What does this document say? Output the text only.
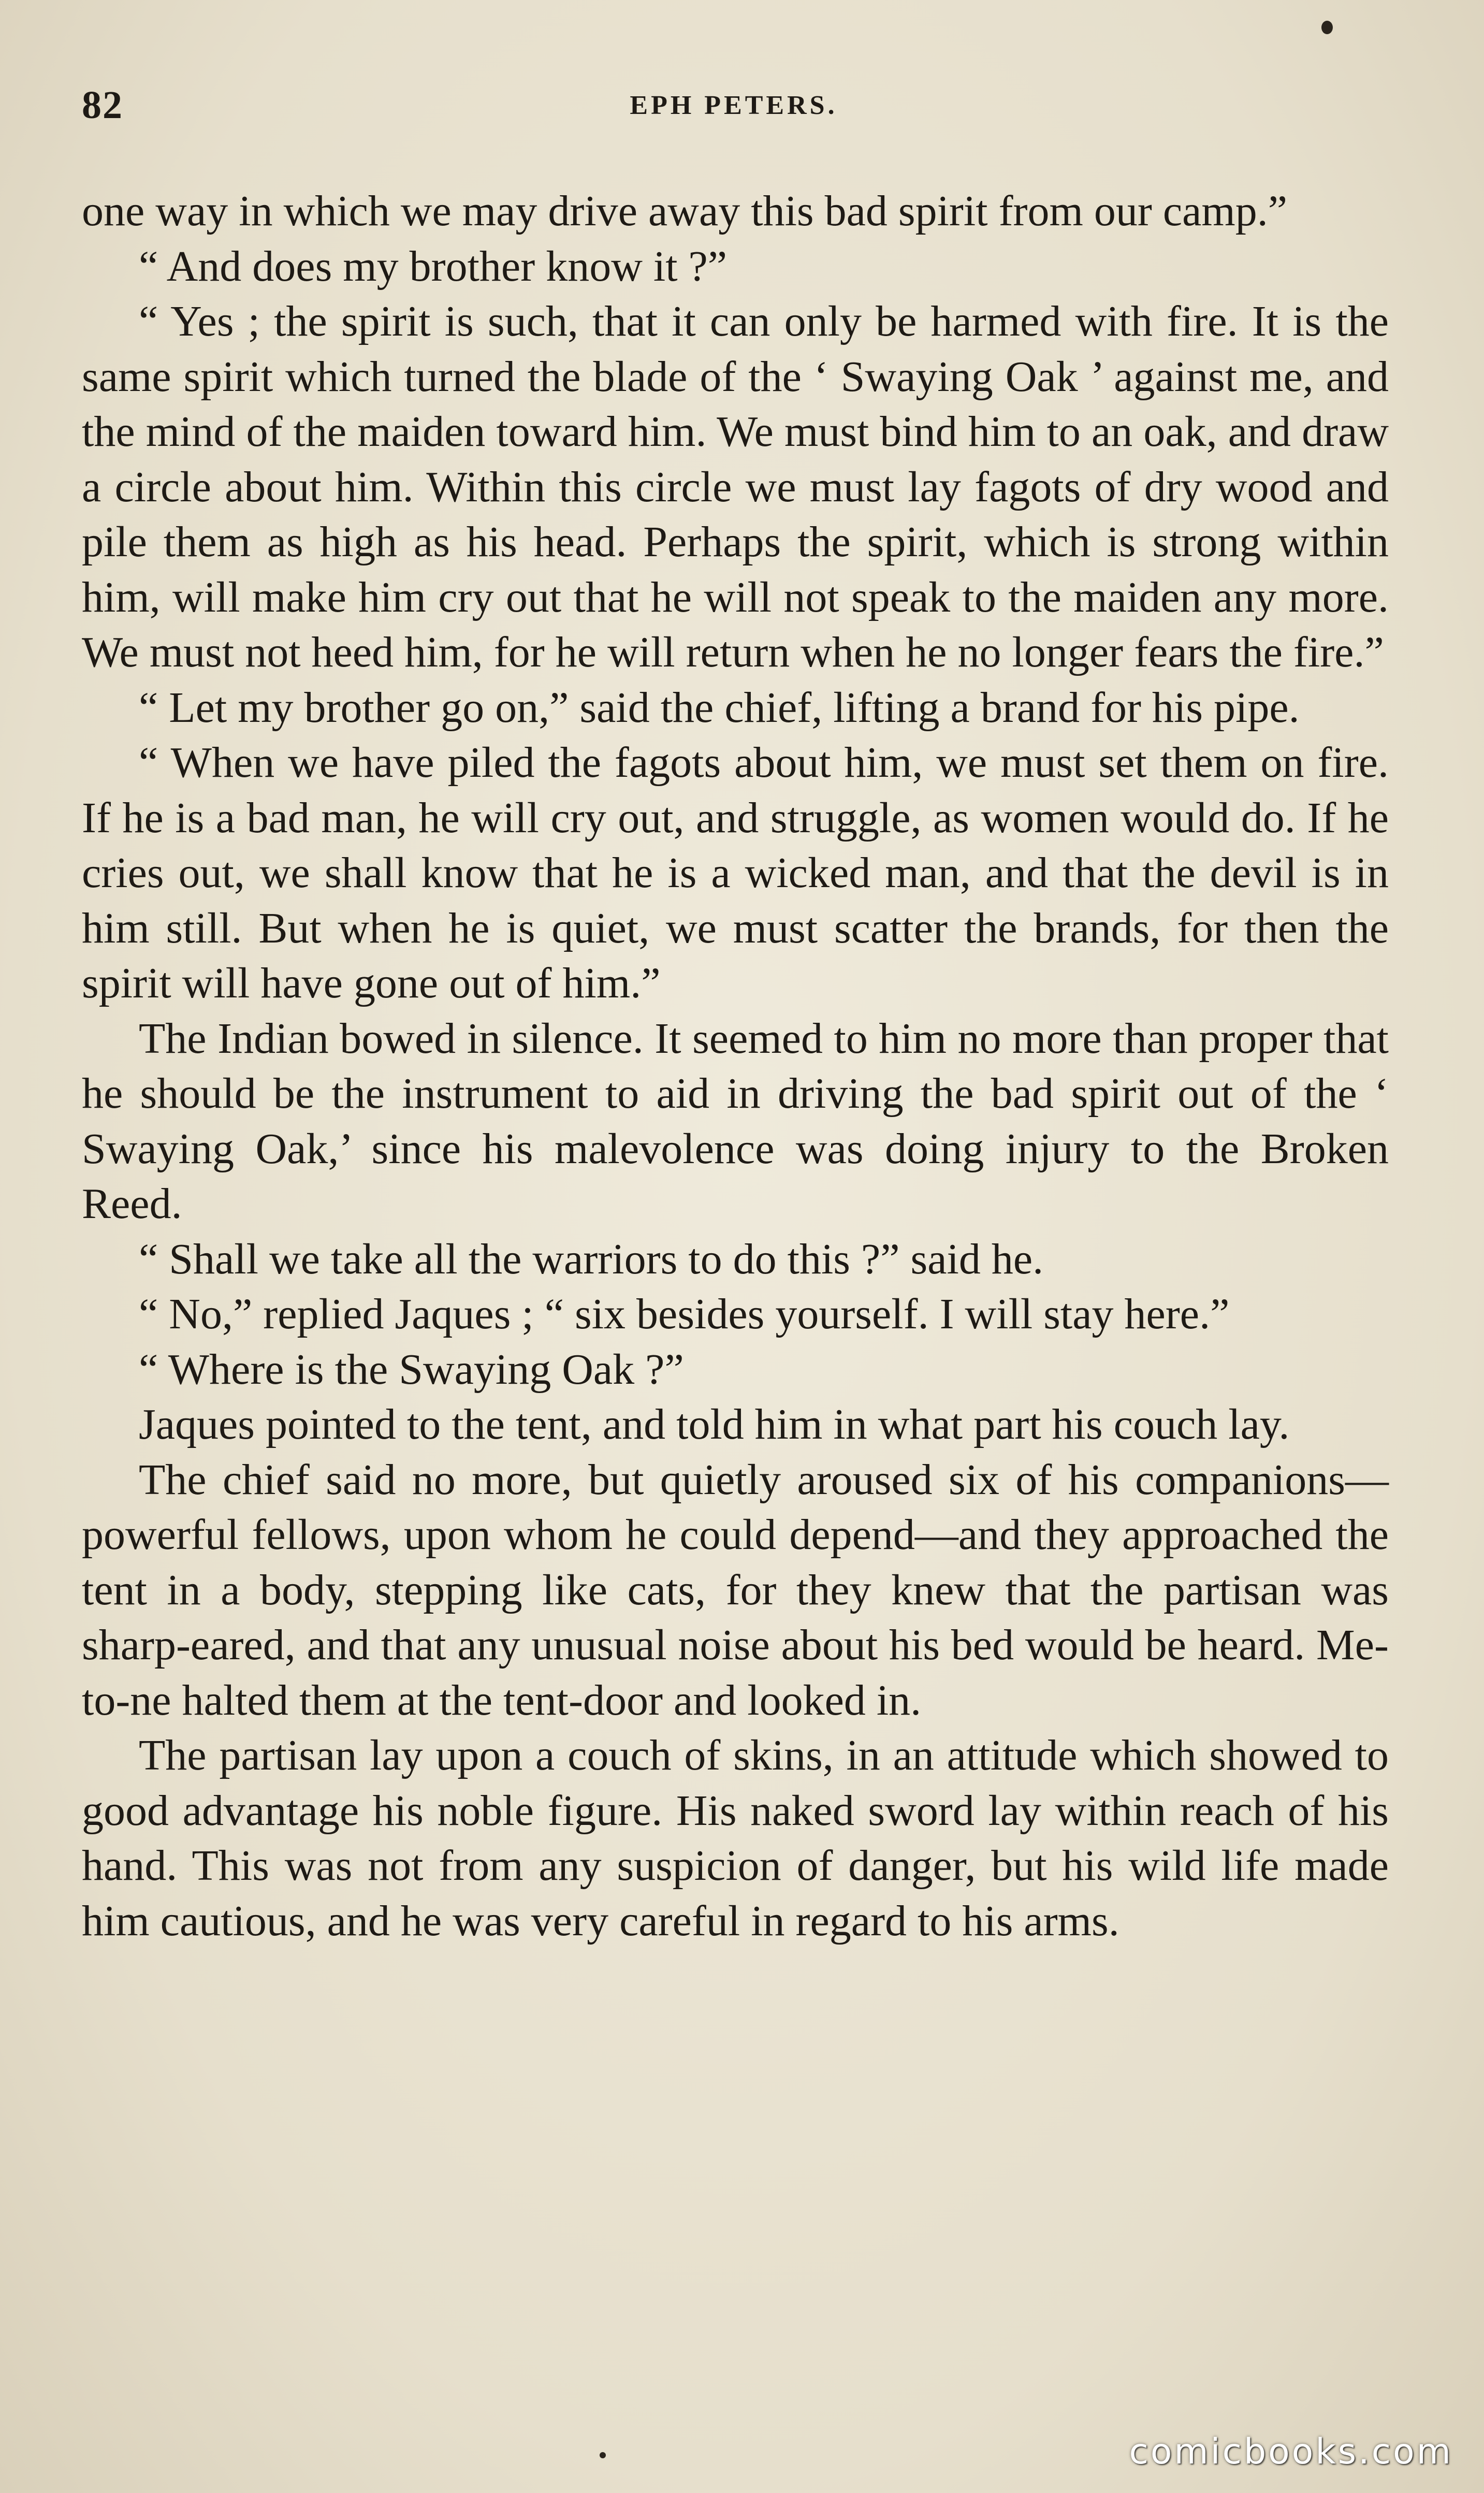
82	EPH PETERS.

one way in which we may drive away this bad spirit from our camp.”

“ And does my brother know it ?”

“ Yes ; the spirit is such, that it can only be harmed with fire. It is the same spirit which turned the blade of the ‘ Swaying Oak ’ against me, and the mind of the maiden toward him. We must bind him to an oak, and draw a circle about him. Within this circle we must lay fagots of dry wood and pile them as high as his head. Perhaps the spirit, which is strong within him, will make him cry out that he will not speak to the maiden any more. We must not heed him, for he will return when he no longer fears the fire.”

“ Let my brother go on,” said the chief, lifting a brand for his pipe.

“ When we have piled the fagots about him, we must set them on fire. If he is a bad man, he will cry out, and struggle, as women would do. If he cries out, we shall know that he is a wicked man, and that the devil is in him still. But when he is quiet, we must scatter the brands, for then the spirit will have gone out of him.”

The Indian bowed in silence. It seemed to him no more than proper that he should be the instrument to aid in driving the bad spirit out of the ‘ Swaying Oak,’ since his malevolence was doing injury to the Broken Reed.

“ Shall we take all the warriors to do this ?” said he.

“ No,” replied Jaques ; “ six besides yourself. I will stay here.”

“ Where is the Swaying Oak ?”

Jaques pointed to the tent, and told him in what part his couch lay.

The chief said no more, but quietly aroused six of his companions—powerful fellows, upon whom he could depend—and they approached the tent in a body, stepping like cats, for they knew that the partisan was sharp-eared, and that any unusual noise about his bed would be heard. Me-to-ne halted them at the tent-door and looked in.

The partisan lay upon a couch of skins, in an attitude which showed to good advantage his noble figure. His naked sword lay within reach of his hand. This was not from any suspicion of danger, but his wild life made him cautious, and he was very careful in regard to his arms.

comicbooks.com
